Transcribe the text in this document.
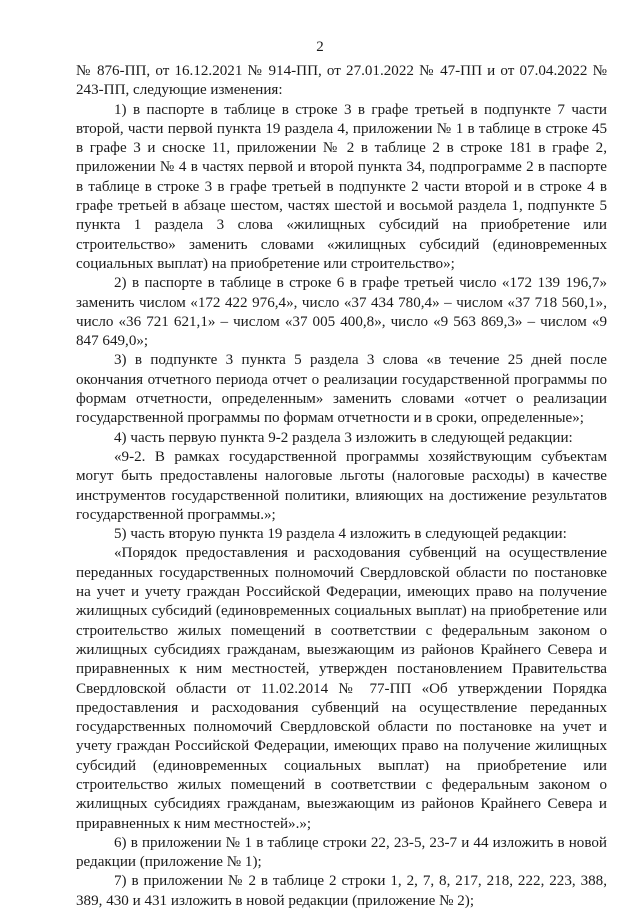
2

№ 876-ПП, от 16.12.2021 № 914-ПП, от 27.01.2022 № 47-ПП и от 07.04.2022 № 243-ПП, следующие изменения:

1) в паспорте в таблице в строке 3 в графе третьей в подпункте 7 части второй, части первой пункта 19 раздела 4, приложении № 1 в таблице в строке 45 в графе 3 и сноске 11, приложении № 2 в таблице 2 в строке 181 в графе 2, приложении № 4 в частях первой и второй пункта 34, подпрограмме 2 в паспорте в таблице в строке 3 в графе третьей в подпункте 2 части второй и в строке 4 в графе третьей в абзаце шестом, частях шестой и восьмой раздела 1, подпункте 5 пункта 1 раздела 3 слова «жилищных субсидий на приобретение или строительство» заменить словами «жилищных субсидий (единовременных социальных выплат) на приобретение или строительство»;

2) в паспорте в таблице в строке 6 в графе третьей число «172 139 196,7» заменить числом «172 422 976,4», число «37 434 780,4» – числом «37 718 560,1», число «36 721 621,1» – числом «37 005 400,8», число «9 563 869,3» – числом «9 847 649,0»;

3) в подпункте 3 пункта 5 раздела 3 слова «в течение 25 дней после окончания отчетного периода отчет о реализации государственной программы по формам отчетности, определенным» заменить словами «отчет о реализации государственной программы по формам отчетности и в сроки, определенные»;

4) часть первую пункта 9-2 раздела 3 изложить в следующей редакции:

«9-2. В рамках государственной программы хозяйствующим субъектам могут быть предоставлены налоговые льготы (налоговые расходы) в качестве инструментов государственной политики, влияющих на достижение результатов государственной программы.»;

5) часть вторую пункта 19 раздела 4 изложить в следующей редакции:

«Порядок предоставления и расходования субвенций на осуществление переданных государственных полномочий Свердловской области по постановке на учет и учету граждан Российской Федерации, имеющих право на получение жилищных субсидий (единовременных социальных выплат) на приобретение или строительство жилых помещений в соответствии с федеральным законом о жилищных субсидиях гражданам, выезжающим из районов Крайнего Севера и приравненных к ним местностей, утвержден постановлением Правительства Свердловской области от 11.02.2014 № 77-ПП «Об утверждении Порядка предоставления и расходования субвенций на осуществление переданных государственных полномочий Свердловской области по постановке на учет и учету граждан Российской Федерации, имеющих право на получение жилищных субсидий (единовременных социальных выплат) на приобретение или строительство жилых помещений в соответствии с федеральным законом о жилищных субсидиях гражданам, выезжающим из районов Крайнего Севера и приравненных к ним местностей».»;

6) в приложении № 1 в таблице строки 22, 23-5, 23-7 и 44 изложить в новой редакции (приложение № 1);

7) в приложении № 2 в таблице 2 строки 1, 2, 7, 8, 217, 218, 222, 223, 388, 389, 430 и 431 изложить в новой редакции (приложение № 2);
